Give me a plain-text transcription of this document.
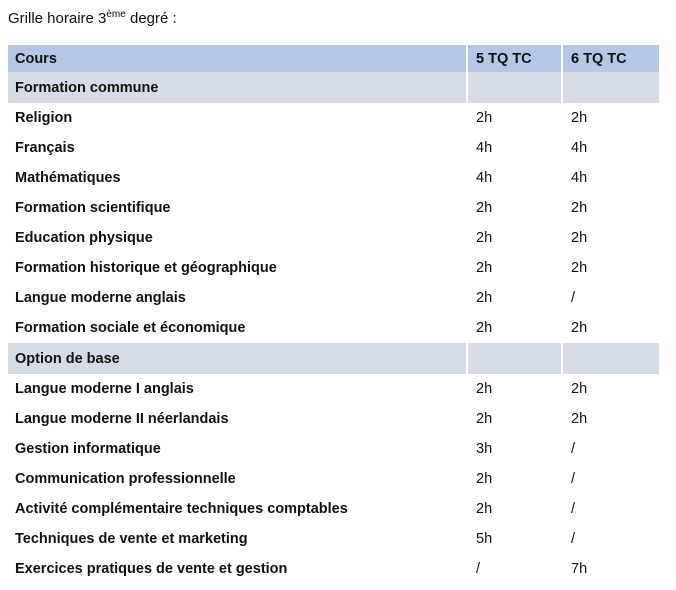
Grille horaire 3ème degré :
Cours	5 TQ TC	6 TQ TC
Formation commune		
Religion	2h	2h
Français	4h	4h
Mathématiques	4h	4h
Formation scientifique	2h	2h
Education physique	2h	2h
Formation historique et géographique	2h	2h
Langue moderne anglais	2h	/
Formation sociale et économique	2h	2h
Option de base		
Langue moderne I anglais	2h	2h
Langue moderne II néerlandais	2h	2h
Gestion informatique	3h	/
Communication professionnelle	2h	/
Activité complémentaire techniques comptables	2h	/
Techniques de vente et marketing	5h	/
Exercices pratiques de vente et gestion	/	7h
